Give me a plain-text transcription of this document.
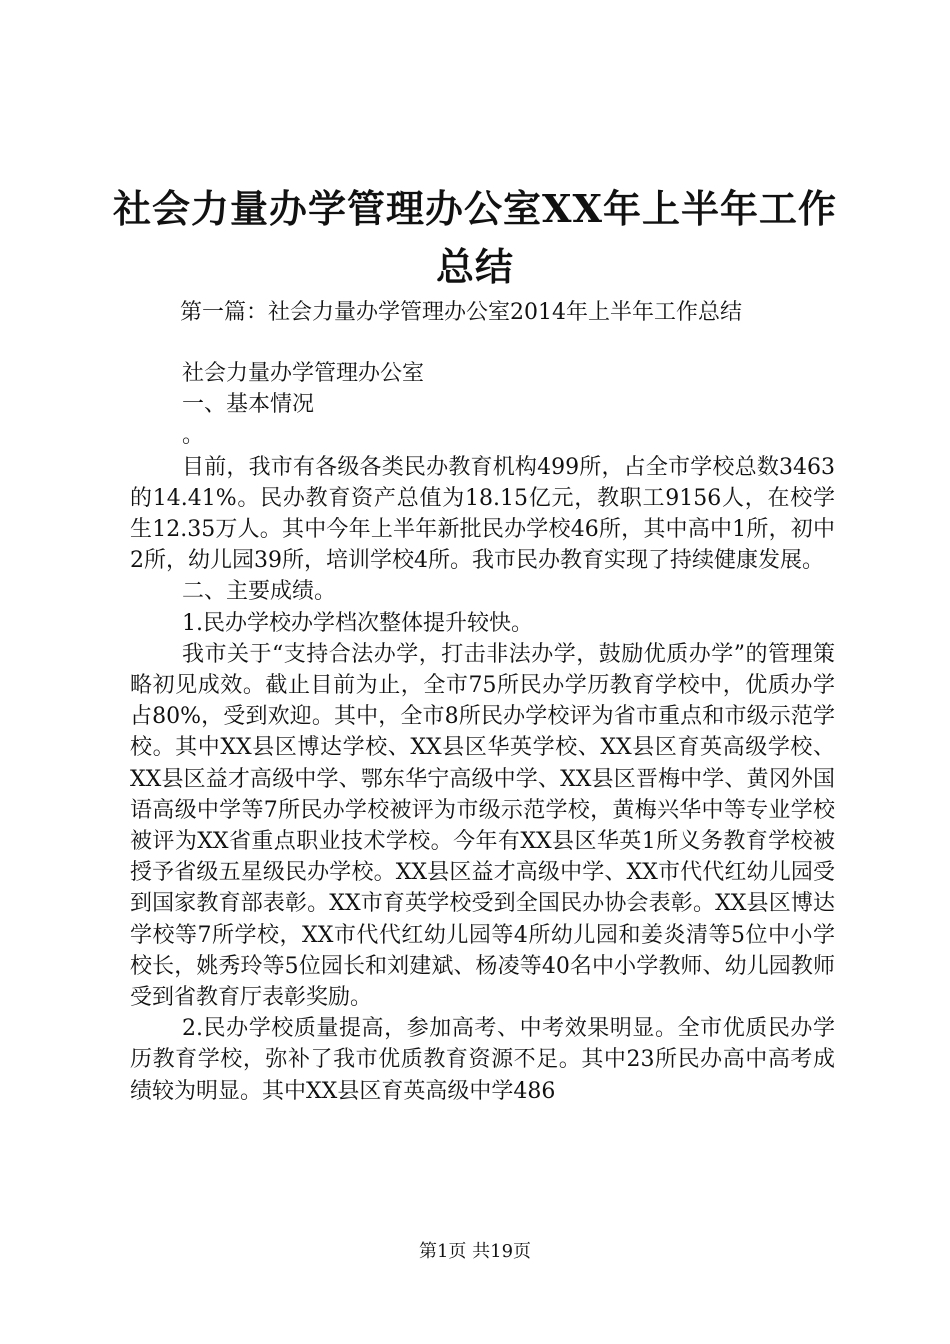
社会力量办学管理办公室XX年上半年工作总结
第一篇：社会力量办学管理办公室2014年上半年工作总结

社会力量办学管理办公室

一、基本情况

。

目前，我市有各级各类民办教育机构499所，占全市学校总数3463的14.41%。民办教育资产总值为18.15亿元，教职工9156人，在校学生12.35万人。其中今年上半年新批民办学校46所，其中高中1所，初中2所，幼儿园39所，培训学校4所。我市民办教育实现了持续健康发展。

二、主要成绩。

1.民办学校办学档次整体提升较快。

我市关于“支持合法办学，打击非法办学，鼓励优质办学”的管理策略初见成效。截止目前为止，全市75所民办学历教育学校中，优质办学占80%，受到欢迎。其中，全市8所民办学校评为省市重点和市级示范学校。其中XX县区博达学校、XX县区华英学校、XX县区育英高级学校、XX县区益才高级中学、鄂东华宁高级中学、XX县区晋梅中学、黄冈外国语高级中学等7所民办学校被评为市级示范学校，黄梅兴华中等专业学校被评为XX省重点职业技术学校。今年有XX县区华英1所义务教育学校被授予省级五星级民办学校。XX县区益才高级中学、XX市代代红幼儿园受到国家教育部表彰。XX市育英学校受到全国民办协会表彰。XX县区博达学校等7所学校，XX市代代红幼儿园等4所幼儿园和姜炎清等5位中小学校长，姚秀玲等5位园长和刘建斌、杨凌等40名中小学教师、幼儿园教师受到省教育厅表彰奖励。

2.民办学校质量提高，参加高考、中考效果明显。全市优质民办学历教育学校，弥补了我市优质教育资源不足。其中23所民办高中高考成绩较为明显。其中XX县区育英高级中学486

第1页 共19页
